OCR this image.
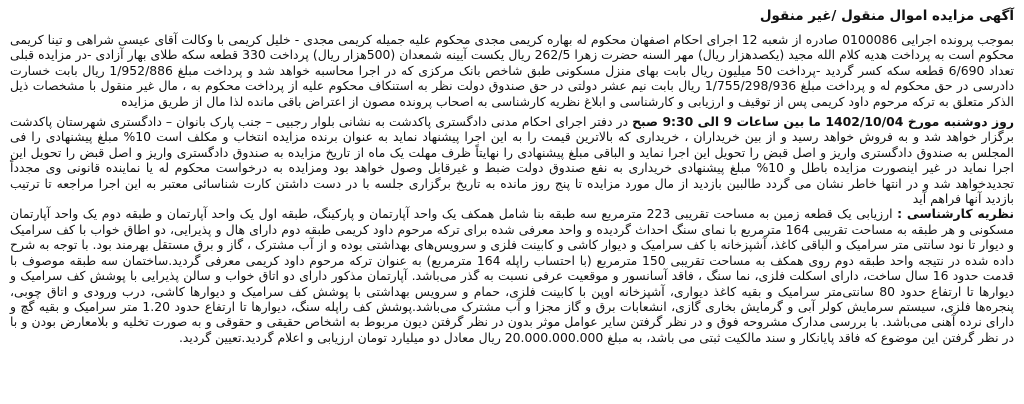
آگهی مزایده اموال منقول /غیر منقول

بموجب پرونده اجرایی 0100086 صادره از شعبه 12 اجرای احکام اصفهان محکوم له بهاره کریمی مجدی محکوم علیه جمیله کریمی مجدی - خلیل کریمی با وکالت آقای عیسی شراهی و تینا کریمی محکوم است به پرداخت هدیه کلام الله مجید (یکصدهزار ریال) مهر السنه حضرت زهرا 262/5 ریال یکست آیینه شمعدان (500هزار ریال) پرداخت 330 قطعه سکه طلای بهار آزادی -در مزایده قبلی تعداد 6/690 قطعه سکه کسر گردید -پرداخت 50 میلیون ریال بابت بهای منزل مسکونی طبق شاخص بانک مرکزی که در اجرا محاسبه خواهد شد و پرداخت مبلغ 1/952/886 ریال بابت خسارت دادرسی در حق محکوم له و پرداخت مبلغ 1/755/298/936 ریال بابت نیم عشر دولتی در حق صندوق دولت نظر به استنکاف محکوم علیه از پرداخت محکوم به ، مال غیر منقول با مشخصات ذیل الذکر متعلق به ترکه مرحوم داود کریمی پس از توقیف و ارزیابی و کارشناسی و ابلاغ نظریه کارشناسی به اصحاب پرونده مصون از اعتراض باقی مانده لذا مال از طریق مزایده

روز دوشنبه مورخ 1402/10/04 ما بین ساعات 9 الی 9:30 صبح در دفتر اجرای احکام مدنی دادگستری پاکدشت به نشانی بلوار رجبیی – جنب پارک بانوان – دادگستری شهرستان پاکدشت برگزار خواهد شد و به فروش خواهد رسید و از بین خریداران ، خریداری که بالاترین قیمت را به این اجرا پیشنهاد نماید به عنوان برنده مزایده انتخاب و مکلف است 10% مبلغ پیشنهادی را فی المجلس به صندوق دادگستری واریز و اصل قبض را تحویل این اجرا نماید و الباقی مبلغ پیشنهادی را نهایتاً ظرف مهلت یک ماه از تاریخ مزایده به صندوق دادگستری واریز و اصل قبض را تحویل این اجرا نماید در غیر اینصورت مزایده باطل و 10% مبلغ پیشنهادی خریداری به نفع صندوق دولت ضبط و غیرقابل وصول خواهد بود ومزایده به درخواست محکوم له یا نماینده قانونی وی مجدداً تجدیدخواهد شد و در انتها خاطر نشان می گردد طالبین بازدید از مال مورد مزایده تا پنج روز مانده به تاریخ برگزاری جلسه با در دست داشتن کارت شناسائی معتبر به این اجرا مراجعه تا ترتیب بازدید آنها فراهم آید

نظریه کارشناسی : ارزیابی یک قطعه زمین به مساحت تقریبی 223 مترمربع سه طبقه بنا شامل همکف یک واحد آپارتمان و پارکینگ، طبقه اول یک واحد آپارتمان و طبقه دوم یک واحد آپارتمان مسکونی و هر طبقه به مساحت تقریبی 164 مترمربع با نمای سنگ احداث گردیده و واحد معرفی شده برای ترکه مرحوم داود کریمی طبقه دوم دارای هال و پذیرایی، دو اطاق خواب با کف سرامیک و دیوار تا نود سانتی متر سرامیک و الباقی کاغذ، آشپزخانه با کف سرامیک و دیوار کاشی و کابینت فلزی و سرویس‌های بهداشتی بوده و از آب مشترک ، گاز و برق مستقل بهرمند بود. با توجه به شرح داده شده در نتیجه واحد طبقه دوم روی همکف به مساحت تقریبی 150 مترمربع (با احتساب راپله 164 مترمربع) به عنوان ترکه مرحوم داود کریمی معرفی گردید.ساختمان سه طبقه موصوف با قدمت حدود 16 سال ساخت، دارای اسکلت فلزی، نما سنگ ، فاقد آسانسور و موقعیت عرفی نسبت به گذر می‌باشد. آپارتمان مذکور دارای دو اتاق خواب و سالن پذیرایی با پوشش کف سرامیک و دیوارها تا ارتفاع حدود 80 سانتی‌متر سرامیک و بقیه کاغذ دیواری، آشپزخانه اوپن با کابینت فلزی، حمام و سرویس بهداشتی با پوشش کف سرامیک و دیوارها کاشی، درب ورودی و اتاق چوبی، پنجره‌ها فلزی، سیستم سرمایش کولر آبی و گرمایش بخاری گازی، انشعابات برق و گاز مجزا و آب مشترک می‌باشد.پوشش کف راپله سنگ، دیوارها تا ارتفاع حدود 1.20 متر سرامیک و بقیه گچ و دارای نرده آهنی می‌باشد. با بررسی مدارک مشروحه فوق و در نظر گرفتن سایر عوامل موثر بدون در نظر گرفتن دیون مربوط به اشخاص حقیقی و حقوقی و به صورت تخلیه و بلامعارض بودن و با در نظر گرفتن این موضوع که فاقد پایانکار و سند مالکیت ثبتی می باشد، به مبلغ 20.000.000.000 ریال معادل دو میلیارد تومان ارزیابی و اعلام گردید.تعیین گردید.
